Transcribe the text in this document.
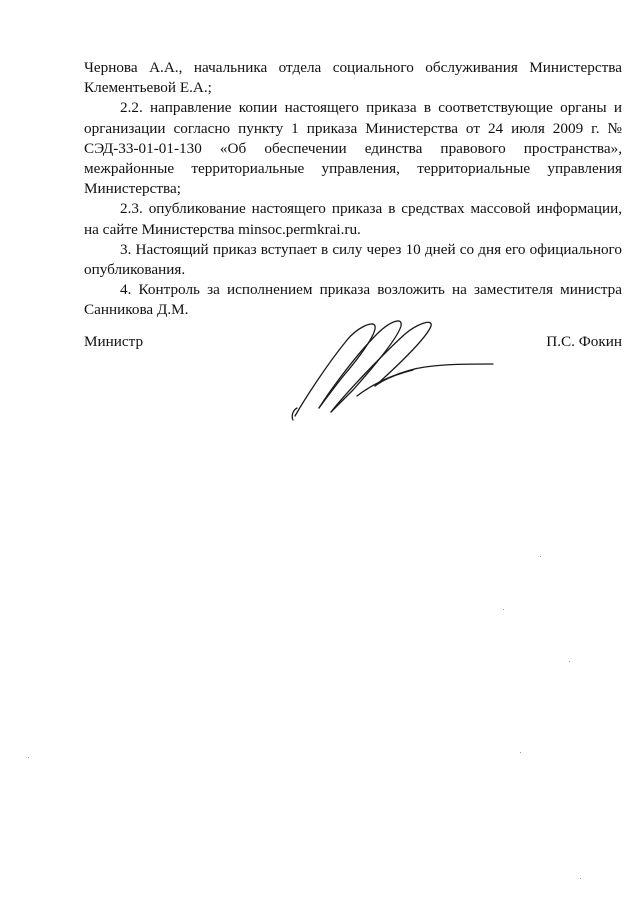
Чернова А.А., начальника отдела социального обслуживания Министерства Клементьевой Е.А.;

2.2. направление копии настоящего приказа в соответствующие органы и организации согласно пункту 1 приказа Министерства от 24 июля 2009 г. № СЭД-33-01-01-130 «Об обеспечении единства правового пространства», межрайонные территориальные управления, территориальные управления Министерства;

2.3. опубликование настоящего приказа в средствах массовой информации, на сайте Министерства minsoc.permkrai.ru.

3. Настоящий приказ вступает в силу через 10 дней со дня его официального опубликования.

4. Контроль за исполнением приказа возложить на заместителя министра Санникова Д.М.

Министр	П.С. Фокин
